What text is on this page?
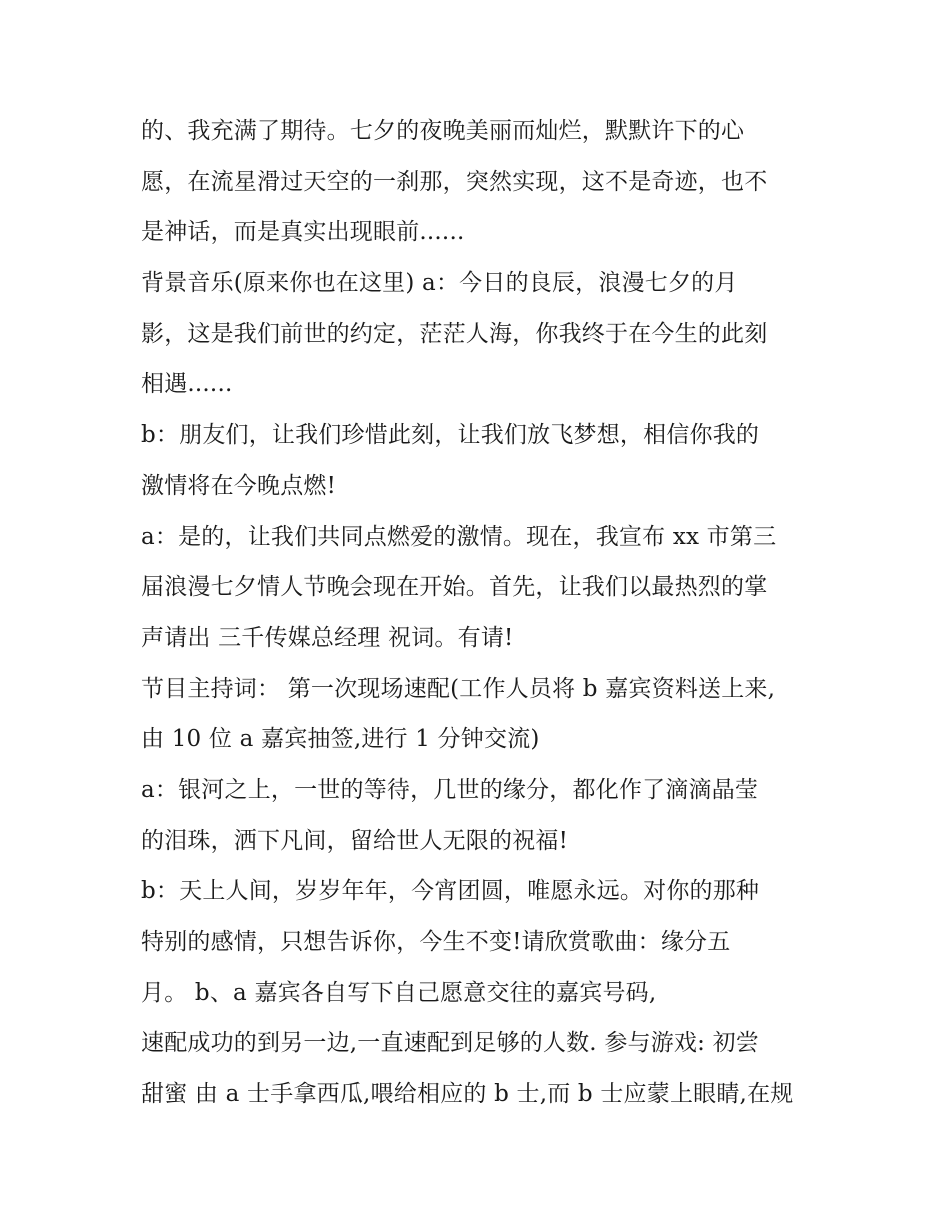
的、我充满了期待。七夕的夜晚美丽而灿烂，默默许下的心
愿，在流星滑过天空的一刹那，突然实现，这不是奇迹，也不
是神话，而是真实出现眼前......
背景音乐(原来你也在这里) a：今日的良辰，浪漫七夕的月
影，这是我们前世的约定，茫茫人海，你我终于在今生的此刻
相遇......
b：朋友们，让我们珍惜此刻，让我们放飞梦想，相信你我的
激情将在今晚点燃!
a：是的，让我们共同点燃爱的激情。现在，我宣布 xx 市第三
届浪漫七夕情人节晚会现在开始。首先，让我们以最热烈的掌
声请出 三千传媒总经理 祝词。有请!
节目主持词： 第一次现场速配(工作人员将 b 嘉宾资料送上来,
由 10 位 a 嘉宾抽签,进行 1 分钟交流)
a：银河之上，一世的等待，几世的缘分，都化作了滴滴晶莹
的泪珠，洒下凡间，留给世人无限的祝福!
b：天上人间，岁岁年年，今宵团圆，唯愿永远。对你的那种
特别的感情，只想告诉你，今生不变!请欣赏歌曲：缘分五
月。 b、a 嘉宾各自写下自己愿意交往的嘉宾号码,
速配成功的到另一边,一直速配到足够的人数. 参与游戏: 初尝
甜蜜 由 a 士手拿西瓜,喂给相应的 b 士,而 b 士应蒙上眼睛,在规
